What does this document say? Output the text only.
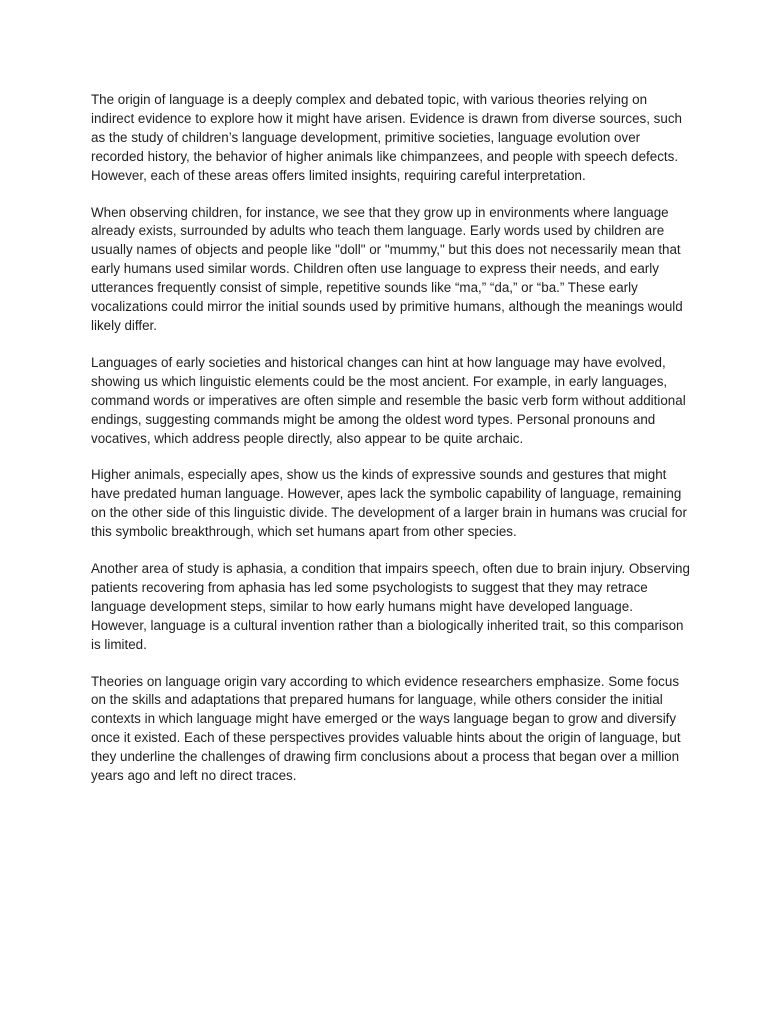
The origin of language is a deeply complex and debated topic, with various theories relying on indirect evidence to explore how it might have arisen. Evidence is drawn from diverse sources, such as the study of children’s language development, primitive societies, language evolution over recorded history, the behavior of higher animals like chimpanzees, and people with speech defects. However, each of these areas offers limited insights, requiring careful interpretation.

When observing children, for instance, we see that they grow up in environments where language already exists, surrounded by adults who teach them language. Early words used by children are usually names of objects and people like "doll" or "mummy," but this does not necessarily mean that early humans used similar words. Children often use language to express their needs, and early utterances frequently consist of simple, repetitive sounds like “ma,” “da,” or “ba.” These early vocalizations could mirror the initial sounds used by primitive humans, although the meanings would likely differ.

Languages of early societies and historical changes can hint at how language may have evolved, showing us which linguistic elements could be the most ancient. For example, in early languages, command words or imperatives are often simple and resemble the basic verb form without additional endings, suggesting commands might be among the oldest word types. Personal pronouns and vocatives, which address people directly, also appear to be quite archaic.

Higher animals, especially apes, show us the kinds of expressive sounds and gestures that might have predated human language. However, apes lack the symbolic capability of language, remaining on the other side of this linguistic divide. The development of a larger brain in humans was crucial for this symbolic breakthrough, which set humans apart from other species.

Another area of study is aphasia, a condition that impairs speech, often due to brain injury. Observing patients recovering from aphasia has led some psychologists to suggest that they may retrace language development steps, similar to how early humans might have developed language. However, language is a cultural invention rather than a biologically inherited trait, so this comparison is limited.

Theories on language origin vary according to which evidence researchers emphasize. Some focus on the skills and adaptations that prepared humans for language, while others consider the initial contexts in which language might have emerged or the ways language began to grow and diversify once it existed. Each of these perspectives provides valuable hints about the origin of language, but they underline the challenges of drawing firm conclusions about a process that began over a million years ago and left no direct traces.
